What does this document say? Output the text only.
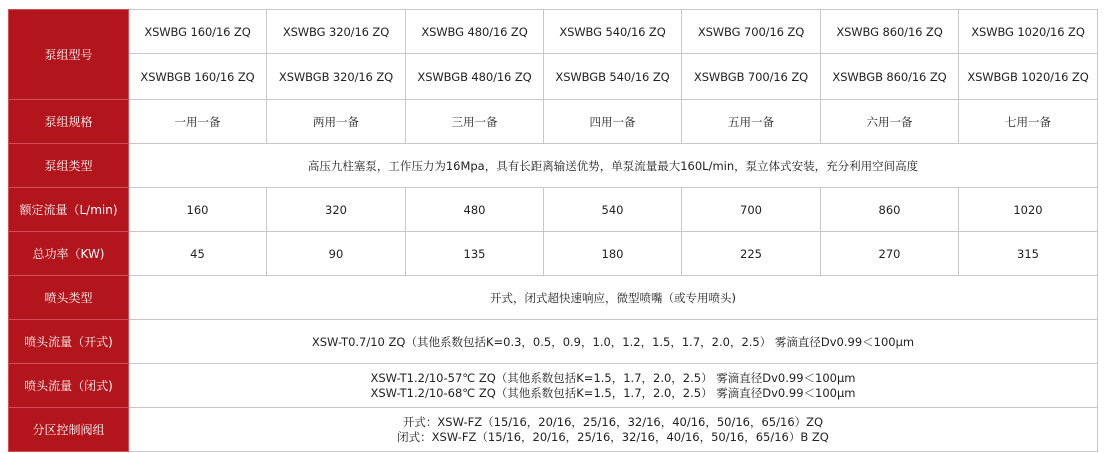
泵组型号	XSWBG 160/16 ZQ	XSWBG 320/16 ZQ	XSWBG 480/16 ZQ	XSWBG 540/16 ZQ	XSWBG 700/16 ZQ	XSWBG 860/16 ZQ	XSWBG 1020/16 ZQ
	XSWBGB 160/16 ZQ	XSWBGB 320/16 ZQ	XSWBGB 480/16 ZQ	XSWBGB 540/16 ZQ	XSWBGB 700/16 ZQ	XSWBGB 860/16 ZQ	XSWBGB 1020/16 ZQ
泵组规格	一用一备	两用一备	三用一备	四用一备	五用一备	六用一备	七用一备
泵组类型	高压九柱塞泵，工作压力为16Mpa，具有长距离输送优势，单泵流量最大160L/min，泵立体式安装，充分利用空间高度						
额定流量（L/min)	160	320	480	540	700	860	1020
总功率（KW)	45	90	135	180	225	270	315
喷头类型	开式，闭式超快速响应，微型喷嘴（或专用喷头)						
喷头流量（开式)	XSW-T0.7/10 ZQ（其他系数包括K=0.3，0.5，0.9，1.0，1.2，1.5，1.7，2.0，2.5） 雾滴直径Dv0.99＜100μm						
喷头流量（闭式)	XSW-T1.2/10-57℃ ZQ（其他系数包括K=1.5，1.7，2.0，2.5） 雾滴直径Dv0.99＜100μm
XSW-T1.2/10-68℃ ZQ（其他系数包括K=1.5，1.7，2.0，2.5） 雾滴直径Dv0.99＜100μm						

分区控制阀组	开式：XSW-FZ（15/16，20/16，25/16，32/16，40/16，50/16，65/16）ZQ
闭式：XSW-FZ（15/16，20/16，25/16，32/16，40/16，50/16，65/16）B ZQ						
